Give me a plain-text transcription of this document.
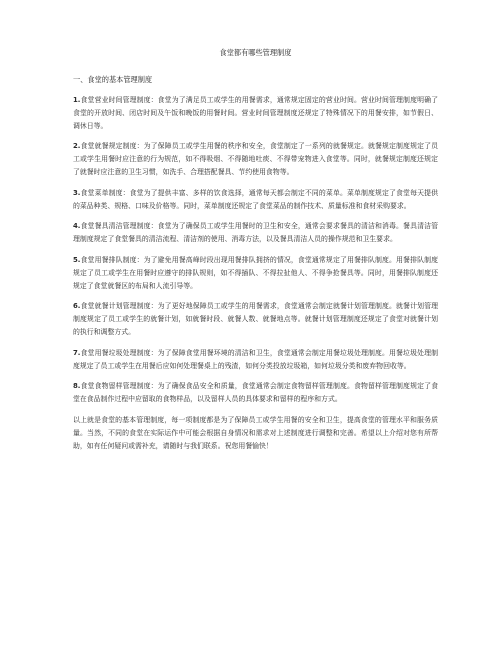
食堂都有哪些管理制度
一、食堂的基本管理制度

1.食堂营业时间管理制度：食堂为了满足员工或学生的用餐需求，通常规定固定的营业时间。营业时间管理制度明确了食堂的开放时间、闭店时间及午饭和晚饭的用餐时间。营业时间管理制度还规定了特殊情况下的用餐安排，如节假日、调休日等。

2.食堂就餐规定制度：为了保障员工或学生用餐的秩序和安全，食堂制定了一系列的就餐规定。就餐规定制度规定了员工或学生用餐时应注意的行为规范，如不得吸烟、不得随地吐痰、不得带宠物进入食堂等。同时，就餐规定制度还规定了就餐时应注意的卫生习惯，如洗手、合理搭配餐具、节约使用食物等。

3.食堂菜单制度：食堂为了提供丰富、多样的饮食选择，通常每天都会制定不同的菜单。菜单制度规定了食堂每天提供的菜品种类、规格、口味及价格等。同时，菜单制度还规定了食堂菜品的制作技术、质量标准和食材采购要求。

4.食堂餐具清洁管理制度：食堂为了确保员工或学生用餐时的卫生和安全，通常会要求餐具的清洁和消毒。餐具清洁管理制度规定了食堂餐具的清洁流程、清洁剂的使用、消毒方法，以及餐具清洁人员的操作规范和卫生要求。

5.食堂用餐排队制度：为了避免用餐高峰时段出现用餐排队拥挤的情况，食堂通常规定了用餐排队制度。用餐排队制度规定了员工或学生在用餐时应遵守的排队规则，如不得插队、不得拉扯他人、不得争抢餐具等。同时，用餐排队制度还规定了食堂就餐区的布局和人流引导等。

6.食堂就餐计划管理制度：为了更好地保障员工或学生的用餐需求，食堂通常会制定就餐计划管理制度。就餐计划管理制度规定了员工或学生的就餐计划，如就餐时段、就餐人数、就餐地点等。就餐计划管理制度还规定了食堂对就餐计划的执行和调整方式。

7.食堂用餐垃圾处理制度：为了保障食堂用餐环境的清洁和卫生，食堂通常会制定用餐垃圾处理制度。用餐垃圾处理制度规定了员工或学生在用餐后应如何处理餐桌上的残渣，如何分类投放垃圾箱，如何垃圾分类和废弃物回收等。

8.食堂食物留样管理制度：为了确保食品安全和质量，食堂通常会制定食物留样管理制度。食物留样管理制度规定了食堂在食品制作过程中应留取的食物样品，以及留样人员的具体要求和留样的程序和方式。

以上就是食堂的基本管理制度，每一项制度都是为了保障员工或学生用餐的安全和卫生，提高食堂的管理水平和服务质量。当然，不同的食堂在实际运作中可能会根据自身情况和需求对上述制度进行调整和完善。希望以上介绍对您有所帮助，如有任何疑问或需补充，请随时与我们联系。祝您用餐愉快！
